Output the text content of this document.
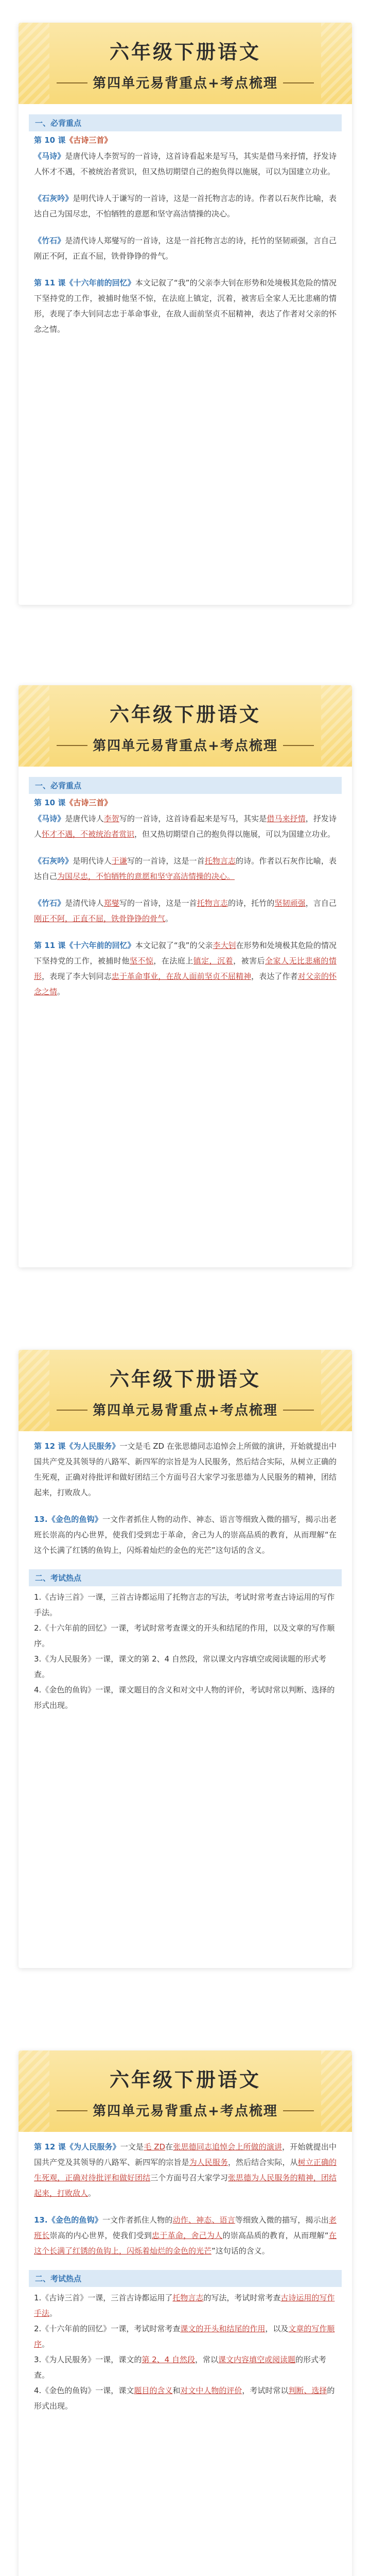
六年级下册语文
第四单元易背重点+考点梳理
一、必背重点
第 10 课《古诗三首》

《马诗》是唐代诗人李贺写的一首诗，这首诗看起来是写马，其实是借马来抒情，抒发诗人怀才不遇，不被统治者赏识，但又热切期望自己的抱负得以施展，可以为国建立功业。

《石灰吟》是明代诗人于谦写的一首诗，这是一首托物言志的诗。作者以石灰作比喻，表达自己为国尽忠，不怕牺牲的意愿和坚守高洁情操的决心。

《竹石》是清代诗人郑燮写的一首诗，这是一首托物言志的诗，托竹的坚韧顽强，言自己刚正不阿，正直不屈，铁骨铮铮的骨气。

第 11 课《十六年前的回忆》本文记叙了“我”的父亲李大钊在形势和处境极其危险的情况下坚持党的工作，被捕时他坚不惊，在法庭上镇定，沉着，被害后全家人无比悲痛的情形，表现了李大钊同志忠于革命事业，在敌人面前坚贞不屈精神，表达了作者对父亲的怀念之情。

六年级下册语文
第四单元易背重点+考点梳理
一、必背重点
第 10 课《古诗三首》

《马诗》是唐代诗人李贺写的一首诗，这首诗看起来是写马，其实是借马来抒情，抒发诗人怀才不遇，不被统治者赏识，但又热切期望自己的抱负得以施展，可以为国建立功业。

《石灰吟》是明代诗人于谦写的一首诗，这是一首托物言志的诗。作者以石灰作比喻，表达自己为国尽忠，不怕牺牲的意愿和坚守高洁情操的决心。

《竹石》是清代诗人郑燮写的一首诗，这是一首托物言志的诗，托竹的坚韧顽强，言自己刚正不阿，正直不屈，铁骨铮铮的骨气。

第 11 课《十六年前的回忆》本文记叙了“我”的父亲李大钊在形势和处境极其危险的情况下坚持党的工作，被捕时他坚不惊，在法庭上镇定，沉着，被害后全家人无比悲痛的情形，表现了李大钊同志忠于革命事业，在敌人面前坚贞不屈精神，表达了作者对父亲的怀念之情。

六年级下册语文
第四单元易背重点+考点梳理

第 12 课《为人民服务》一文是毛 ZD 在张思德同志追悼会上所做的演讲，开始就提出中国共产党及其领导的八路军、新四军的宗旨是为人民服务，然后结合实际，从树立正确的生死观，正确对待批评和做好团结三个方面号召大家学习张思德为人民服务的精神，团结起来，打败敌人。

13.《金色的鱼钩》一文作者抓住人物的动作、神态、语言等细致入微的描写，揭示出老班长崇高的内心世界，使我们受到忠于革命，舍己为人的崇高品质的教育，从而理解“在这个长满了红锈的鱼钩上，闪烁着灿烂的金色的光芒”这句话的含义。

二、考试热点

1.《古诗三首》一课，三首古诗都运用了托物言志的写法，考试时常考查古诗运用的写作手法。

2.《十六年前的回忆》一课，考试时常考查课文的开头和结尾的作用，以及文章的写作顺序。

3.《为人民服务》一课，课文的第 2、4 自然段，常以课文内容填空或阅读题的形式考查。

4.《金色的鱼钩》一课，课文题目的含义和对文中人物的评价，考试时常以判断、选择的形式出现。

六年级下册语文
第四单元易背重点+考点梳理

第 12 课《为人民服务》一文是毛 ZD在张思德同志追悼会上所做的演讲，开始就提出中国共产党及其领导的八路军、新四军的宗旨是为人民服务，然后结合实际，从树立正确的生死观，正确对待批评和做好团结三个方面号召大家学习张思德为人民服务的精神，团结起来，打败敌人。

13.《金色的鱼钩》一文作者抓住人物的动作、神态、语言等细致入微的描写，揭示出老班长崇高的内心世界，使我们受到忠于革命，舍己为人的崇高品质的教育，从而理解“在这个长满了红锈的鱼钩上，闪烁着灿烂的金色的光芒”这句话的含义。

二、考试热点

1.《古诗三首》一课，三首古诗都运用了托物言志的写法，考试时常考查古诗运用的写作手法。

2.《十六年前的回忆》一课，考试时常考查课文的开头和结尾的作用，以及文章的写作顺序。

3.《为人民服务》一课，课文的第 2、4 自然段，常以课文内容填空或阅读题的形式考查。

4.《金色的鱼钩》一课，课文题目的含义和对文中人物的评价，考试时常以判断、选择的形式出现。
